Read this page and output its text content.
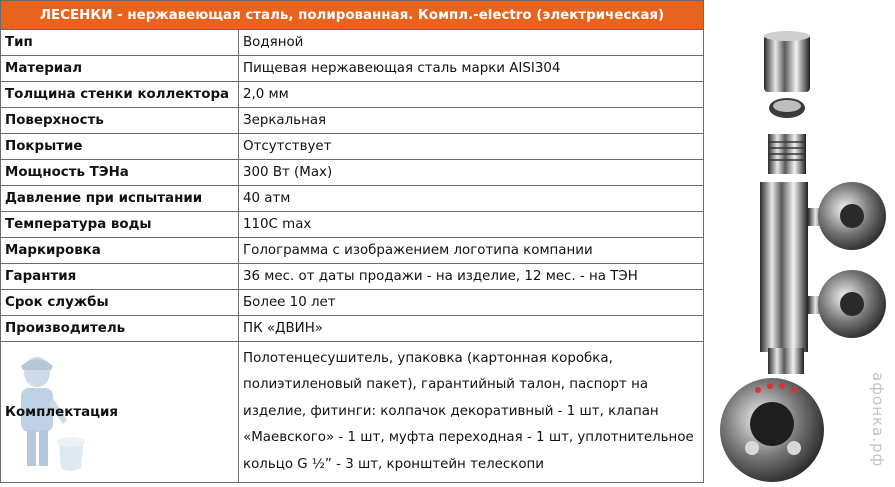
ЛЕСЕНКИ - нержавеющая сталь, полированная. Компл.-electro (электрическая)	
Тип	Водяной
Материал	Пищевая нержавеющая сталь марки AISI304
Толщина стенки коллектора	2,0 мм
Поверхность	Зеркальная
Покрытие	Отсутствует
Мощность ТЭНа	300 Вт (Max)
Давление при испытании	40 атм
Температура воды	110С max
Маркировка	Голограмма с изображением логотипа компании
Гарантия	36 мес. от даты продажи - на изделие, 12 мес. - на ТЭН
Срок службы	Более 10 лет
Производитель	ПК «ДВИН»

Комплектация	Полотенцесушитель, упаковка (картонная коробка, полиэтиленовый пакет), гарантийный талон, паспорт на изделие, фитинги: колпачок декоративный - 1 шт, клапан «Маевского» - 1 шт, муфта переходная - 1 шт, уплотнительное кольцо G ½” - 3 шт, кронштейн телескопи	афонка.рф
